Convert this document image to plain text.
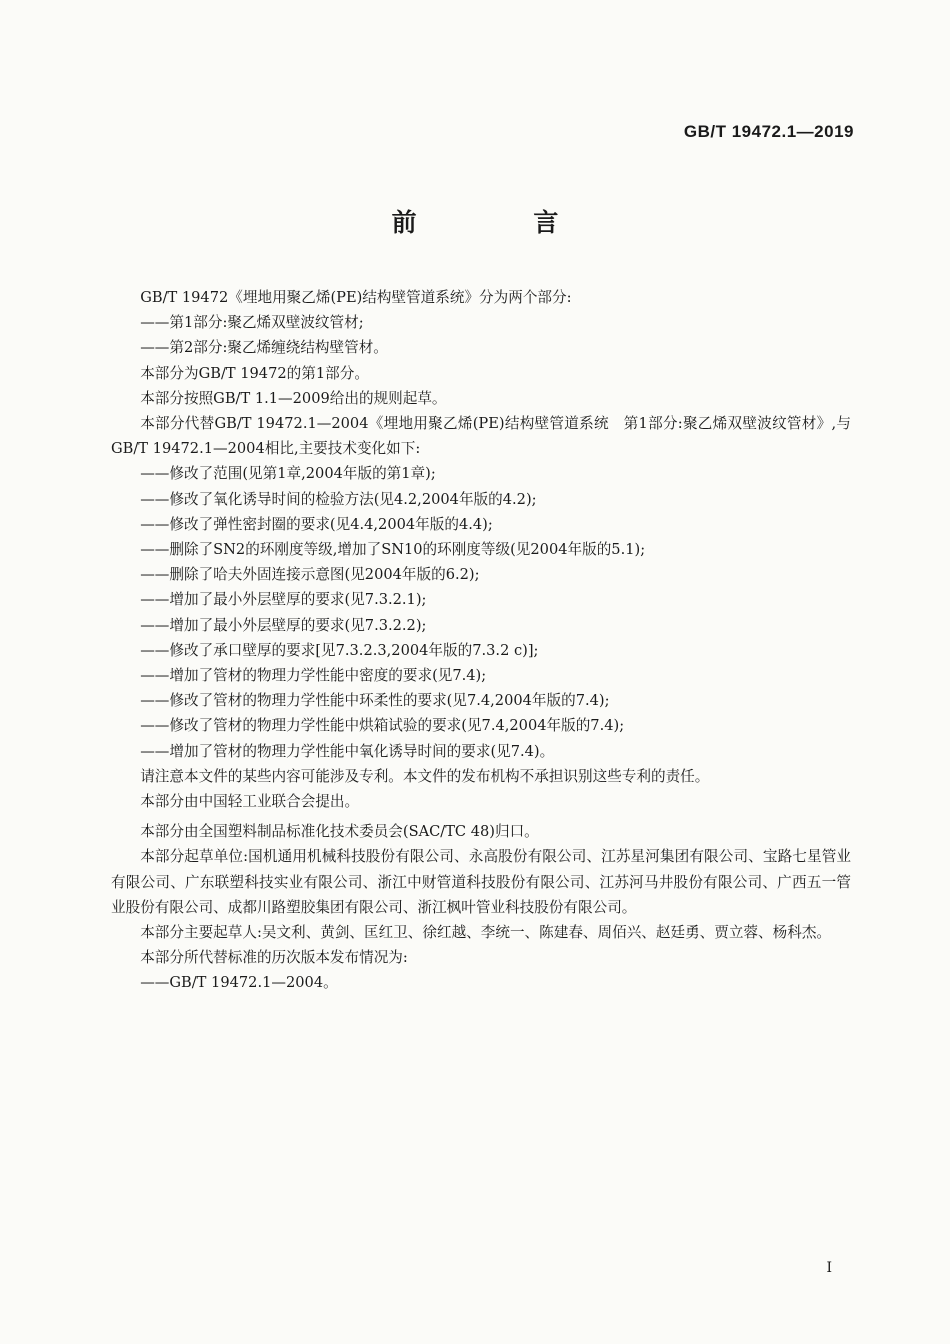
GB/T 19472.1—2019
前 言

GB/T 19472《埋地用聚乙烯(PE)结构壁管道系统》分为两个部分:

——第1部分:聚乙烯双壁波纹管材;

——第2部分:聚乙烯缠绕结构壁管材。

本部分为GB/T 19472的第1部分。

本部分按照GB/T 1.1—2009给出的规则起草。

本部分代替GB/T 19472.1—2004《埋地用聚乙烯(PE)结构壁管道系统　第1部分:聚乙烯双壁波纹管材》,与GB/T 19472.1—2004相比,主要技术变化如下:

——修改了范围(见第1章,2004年版的第1章);

——修改了氧化诱导时间的检验方法(见4.2,2004年版的4.2);

——修改了弹性密封圈的要求(见4.4,2004年版的4.4);

——删除了SN2的环刚度等级,增加了SN10的环刚度等级(见2004年版的5.1);

——删除了哈夫外固连接示意图(见2004年版的6.2);

——增加了最小外层壁厚的要求(见7.3.2.1);

——增加了最小外层壁厚的要求(见7.3.2.2);

——修改了承口壁厚的要求[见7.3.2.3,2004年版的7.3.2 c)];

——增加了管材的物理力学性能中密度的要求(见7.4);

——修改了管材的物理力学性能中环柔性的要求(见7.4,2004年版的7.4);

——修改了管材的物理力学性能中烘箱试验的要求(见7.4,2004年版的7.4);

——增加了管材的物理力学性能中氧化诱导时间的要求(见7.4)。

请注意本文件的某些内容可能涉及专利。本文件的发布机构不承担识别这些专利的责任。

本部分由中国轻工业联合会提出。

本部分由全国塑料制品标准化技术委员会(SAC/TC 48)归口。

本部分起草单位:国机通用机械科技股份有限公司、永高股份有限公司、江苏星河集团有限公司、宝路七星管业有限公司、广东联塑科技实业有限公司、浙江中财管道科技股份有限公司、江苏河马井股份有限公司、广西五一管业股份有限公司、成都川路塑胶集团有限公司、浙江枫叶管业科技股份有限公司。

本部分主要起草人:吴文利、黄剑、匡红卫、徐红越、李统一、陈建春、周佰兴、赵廷勇、贾立蓉、杨科杰。

本部分所代替标准的历次版本发布情况为:

——GB/T 19472.1—2004。

I
